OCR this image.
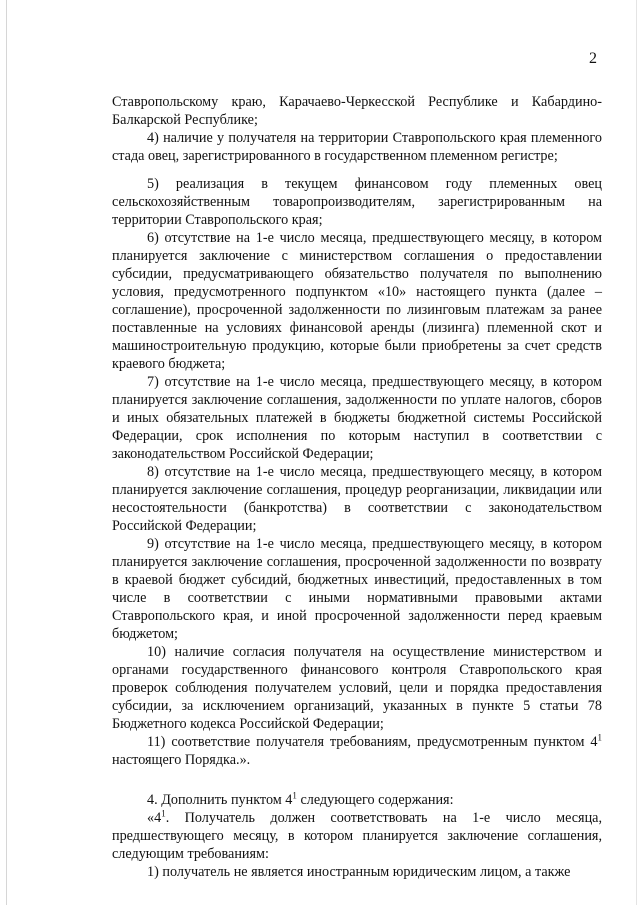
2

Ставропольскому краю, Карачаево-Черкесской Республике и Кабардино-Балкарской Республике;

4) наличие у получателя на территории Ставропольского края племенного стада овец, зарегистрированного в государственном племенном регистре;

5) реализация в текущем финансовом году племенных овец сельскохозяйственным товаропроизводителям, зарегистрированным на территории Ставропольского края;

6) отсутствие на 1-е число месяца, предшествующего месяцу, в котором планируется заключение с министерством соглашения о предоставлении субсидии, предусматривающего обязательство получателя по выполнению условия, предусмотренного подпунктом «10» настоящего пункта (далее – соглашение), просроченной задолженности по лизинговым платежам за ранее поставленные на условиях финансовой аренды (лизинга) племенной скот и машиностроительную продукцию, которые были приобретены за счет средств краевого бюджета;

7) отсутствие на 1-е число месяца, предшествующего месяцу, в котором планируется заключение соглашения, задолженности по уплате налогов, сборов и иных обязательных платежей в бюджеты бюджетной системы Российской Федерации, срок исполнения по которым наступил в соответствии с законодательством Российской Федерации;

8) отсутствие на 1-е число месяца, предшествующего месяцу, в котором планируется заключение соглашения, процедур реорганизации, ликвидации или несостоятельности (банкротства) в соответствии с законодательством Российской Федерации;

9) отсутствие на 1-е число месяца, предшествующего месяцу, в котором планируется заключение соглашения, просроченной задолженности по возврату в краевой бюджет субсидий, бюджетных инвестиций, предоставленных в том числе в соответствии с иными нормативными правовыми актами Ставропольского края, и иной просроченной задолженности перед краевым бюджетом;

10) наличие согласия получателя на осуществление министерством и органами государственного финансового контроля Ставропольского края проверок соблюдения получателем условий, цели и порядка предоставления субсидии, за исключением организаций, указанных в пункте 5 статьи 78 Бюджетного кодекса Российской Федерации;

11) соответствие получателя требованиям, предусмотренным пунктом $4^1$ настоящего Порядка.».

4. Дополнить пунктом $4^1$ следующего содержания:

«$4^1$. Получатель должен соответствовать на 1-е число месяца, предшествующего месяцу, в котором планируется заключение соглашения, следующим требованиям:

1) получатель не является иностранным юридическим лицом, а также
